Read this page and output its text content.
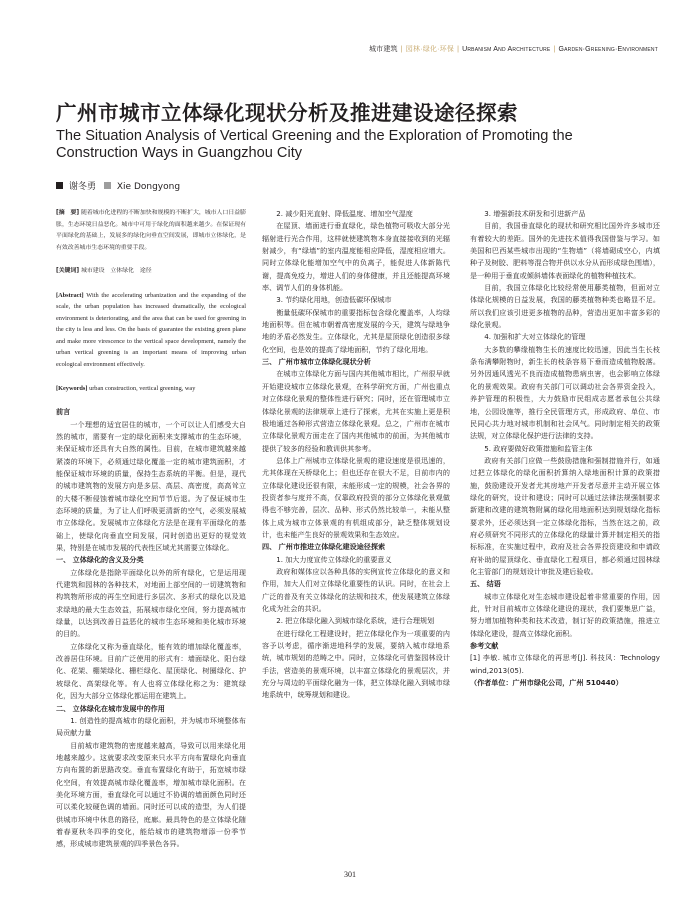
城市建筑 | 园林·绿化·环保 | Urbanism And Architecture | Garden·Greening·Environment
广州市城市立体绿化现状分析及推进建设途径探索
The Situation Analysis of Vertical Greening and the Exploration of Promoting the Construction Ways in Guangzhou City
谢冬勇 Xie Dongyong

[摘　要] 随着城市化进程的不断加快和规模的不断扩大，城市人口日益膨胀，生态环境日益恶化。城市中可用于绿化的面积越来越少。在保证现有平面绿化的基础上，发展多的绿化向垂直空间发展，即城市立体绿化，是有效改善城市生态环境的重要手段。

[关键词] 城市建设　立体绿化　途径

[Abstract] With the accelerating urbanization and the expanding of the scale, the urban population has increased dramatically, the ecological environment is deteriorating, and the area that can be used for greening in the city is less and less. On the basis of guarantee the existing green plane and make more virescence to the vertical space development, namely the urban vertical greening is an important means of improving urban ecological environment effectively.

[Keywords] urban construction, vertical greening, way

前言

一个理想的适宜居住的城市，一个可以让人们感受大自然的城市，需要有一定的绿化面积来支撑城市的生态环境，来保证城市还具有大自然的属性。目前，在城市建筑越来越紧凑的环境下，必须通过绿化覆盖一定的城市建筑面积，才能保证城市环境的质量，保持生态系统的平衡。但是，现代的城市建筑物的发展方向是多层、高层、高密度，高高耸立的大楼不断侵蚀着城市绿化空间节节后退。为了保证城市生态环境的质量，为了让人们呼吸更清新的空气，必须发展城市立体绿化。发展城市立体绿化方法是在现有平面绿化的基础上，使绿化向垂直空间发展，同时创造出更好的视觉效果，特别是在城市发展的代表性区域尤其需要立体绿化。

一、 立体绿化的含义及分类

立体绿化是指除平面绿化以外的所有绿化，它是运用现代建筑和园林的各种技术，对地面上部空间的一切建筑物和构筑物所形成的再生空间进行多层次、多形式的绿化以及追求绿地的最大生态效益，拓展城市绿化空间，努力提高城市绿量，以达到改善日益恶化的城市生态环境和美化城市环境的目的。

立体绿化又称为垂直绿化，能有效的增加绿化覆盖率，改善居住环境。目前广泛使用的形式有：墙面绿化、阳台绿化、花架、棚架绿化、栅栏绿化、屋顶绿化、树圈绿化、护坡绿化、高架绿化等。有人也将立体绿化称之为：建筑绿化，因为大部分立体绿化都运用在建筑上。

二、 立体绿化在城市发展中的作用

1. 创造性的提高城市的绿化面积，并为城市环境整体布局贡献力量

目前城市建筑物的密度越来越高，导致可以用来绿化用地越来越少。这就要求改变原来只水平方向布置绿化向垂直方向布置的新思路改变。垂直布置绿化有助于，拓宽城市绿化空间，有效提高城市绿化覆盖率，增加城市绿化面积。在美化环境方面，垂直绿化可以通过不协调的墙面颜色同时还可以柔化较硬色调的墙面。同时还可以成的造型，为人们提供城市环境中休息的路径，庭廊。最具特色的是立体绿化随着春夏秋冬四季的变化，能给城市的建筑物增添一份季节感，形成城市建筑景观的四季景色各异。

2. 减少阳光直射、降低温度、增加空气湿度

在屋顶、墙面进行垂直绿化，绿色植物可吸收大部分光辐射进行光合作用，这样就使建筑物本身直接接收到的光辐射减少，有“绿墙”的室内温度能相应降低，湿度相应增大。同时立体绿化能增加空气中的负离子，能促进人体新陈代谢，提高免疫力，增进人们的身体健康，并且还能提高环境率、调节人们的身体机能。

3. 节约绿化用地，创造低碳环保城市

衡量低碳环保城市的重要指标包含绿化覆盖率，人均绿地面积等。但在城市朝着高密度发展的今天，建筑与绿地争地的矛盾必然发生。立体绿化，尤其是屋顶绿化创造很多绿化空间，也是效的提高了绿地面积，节约了绿化用地。

三、 广州市城市立体绿化现状分析

在城市立体绿化方面与国内其他城市相比，广州很早就开始建设城市立体绿化景观，在科学研究方面，广州也重点对立体绿化景观的整体性进行研究；同时，还在管理城市立体绿化景观的法律规章上进行了探索，尤其在实施上更是积极地通过各种形式营造立体绿化景观。总之，广州市在城市立体绿化景观方面走在了国内其他城市的前面，为其他城市提供了较多的经验和教训供其参考。

总体上广州城市立体绿化景观的建设速度是很迅速的，尤其体现在天桥绿化上；但也还存在很大不足，目前市内的立体绿化建设还很有限，未能形成一定的规模，社会各界的投资者参与度并不高，仅靠政府投资的部分立体绿化景观做得也不够完善，层次、品种、形式仍然比较单一，未能从整体上成为城市立体景观的有机组成部分，缺乏整体规划设计，也未能产生良好的景观效果和生态效应。

四、 广州市推进立体绿化建设途径探索

1. 加大力度宣传立体绿化的重要意义

政府和媒体应以各种具体的实例宣传立体绿化的意义和作用，加大人们对立体绿化重要性的认识。同时，在社会上广泛的普及有关立体绿化的法规和技术，使发展建筑立体绿化成为社会的共识。

2. 把立体绿化融入到城市绿化系统，进行合理规划

在进行绿化工程建设时，把立体绿化作为一项重要的内容予以考虑，循序渐进地科学的发展，要纳入城市绿地系统，城市规划的范畴之中。同时，立体绿化可借鉴园林设计手法，营造美的景观环境，以丰富立体绿化的景观层次，并充分与周边的平面绿化融为一体，把立体绿化融入到城市绿地系统中，统筹规划和建设。

3. 增强新技术研发和引进新产品

目前，我国垂直绿化的现状和研究相比国外许多城市还有着较大的差距。国外的先进技术值得我国借鉴与学习。如美国和巴西某些城市出现的“生物墙”（将墙砌成空心，内填种子及树胶、肥料等混合物并供以水分从而形成绿色围墙），是一种用于垂直或倾斜墙体表面绿化的植物种植技术。

目前，我国立体绿化比较经常使用藤类植物，但面对立体绿化规模的日益发展，我国的藤类植物种类也略显不足。所以我们应该引进更多植物的品种，营造出更加丰富多彩的绿化景观。

4. 加强和扩大对立体绿化的管理

大多数的攀缘植物生长的速度比较迅速，因此当生长枝条布满攀附物时，新生长的枝条容易下垂而造成植物脱落。另外因通风透光不良而造成植物患病虫害，也会影响立体绿化的景观效果。政府有关部门可以调动社会各界资金投入，养护管理的积极性，大力鼓励市民组成志愿者承包公共绿地，公园设施等，推行全民管理方式，形成政府、单位、市民同心共力地对城市机制和社会风气。同时制定相关的政策法规，对立体绿化保护进行法律的支持。

5. 政府要做好政策措施和监管主体

政府有关部门应做一些鼓励措施和强制措施并行，如通过把立体绿化的绿化面积折算纳入绿地面积计算的政策措施，鼓励建设开发者尤其房地产开发者尽意并主动开展立体绿化的研究，设计和建设；同时可以通过法律法规强制要求新建和改建的建筑物附属的绿化用地面积达到规划绿化指标要求外，还必须达到一定立体绿化指标，当然在这之前，政府必须研究不同形式的立体绿化的绿量计算并制定相关的指标标准，在实施过程中，政府及社会各界投资建设和申请政府补助的屋顶绿化、垂直绿化工程项目，都必须通过园林绿化主管部门的规划设计审批及建后验收。

五、 结语

城市立体绿化对生态城市建设起着非常重要的作用，因此，针对目前城市立体绿化建设的现状，我们要集思广益，努力增加植物种类和技术改造，制订好的政策措施，推进立体绿化建设，提高立体绿化面积。

参考文献

[1] 李敏. 城市立体绿化的再思考[J]. 科技风：Technology wind,2013(05).

（作者单位：广州市绿化公司，广州 510440）

301
